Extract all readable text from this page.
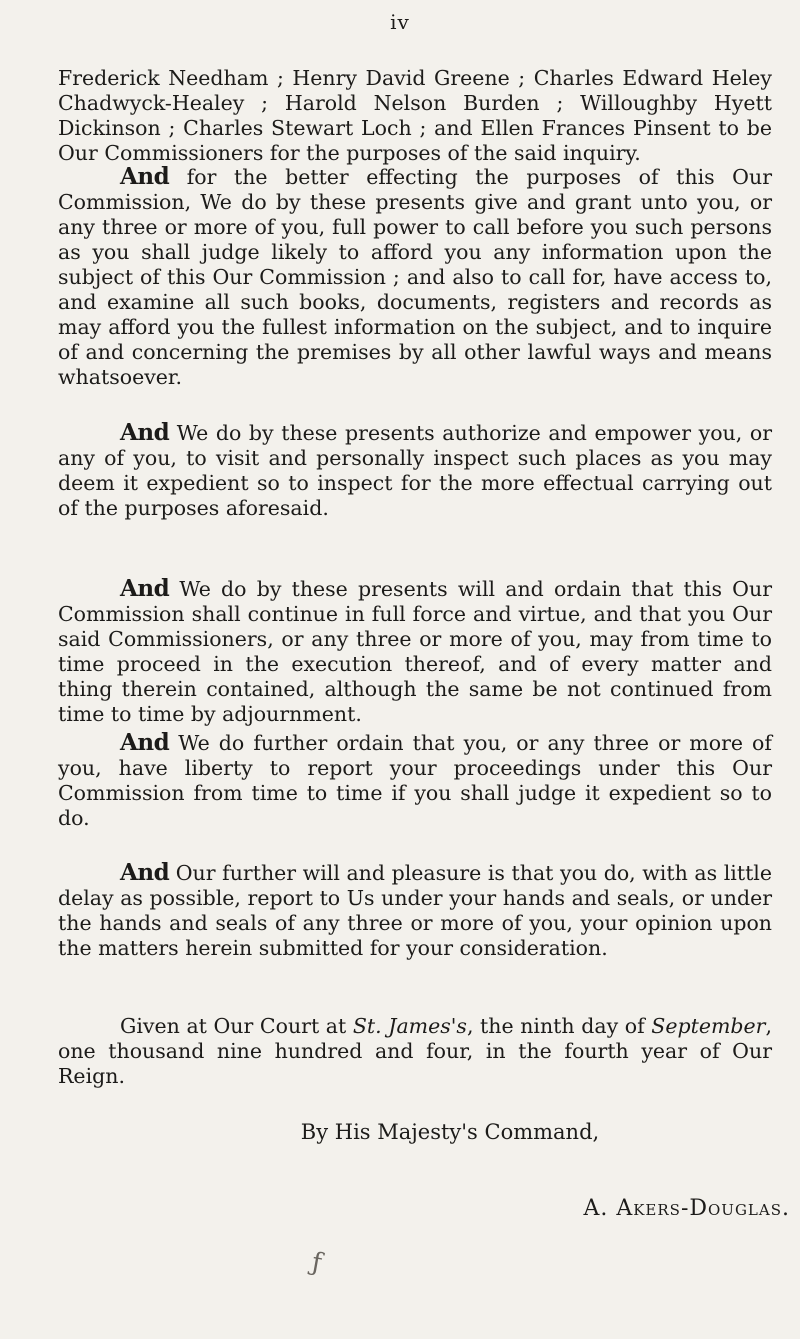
iv
Frederick Needham ; Henry David Greene ; Charles Edward Heley Chadwyck-Healey ; Harold Nelson Burden ; Willoughby Hyett Dickinson ; Charles Stewart Loch ; and Ellen Frances Pinsent to be Our Commissioners for the purposes of the said inquiry.
And for the better effecting the purposes of this Our Commission, We do by these presents give and grant unto you, or any three or more of you, full power to call before you such persons as you shall judge likely to afford you any information upon the subject of this Our Commission ; and also to call for, have access to, and examine all such books, documents, registers and records as may afford you the fullest information on the subject, and to inquire of and concerning the premises by all other lawful ways and means whatsoever.
And We do by these presents authorize and empower you, or any of you, to visit and personally inspect such places as you may deem it expedient so to inspect for the more effectual carrying out of the purposes aforesaid.
And We do by these presents will and ordain that this Our Commission shall continue in full force and virtue, and that you Our said Commissioners, or any three or more of you, may from time to time proceed in the execution thereof, and of every matter and thing therein contained, although the same be not continued from time to time by adjournment.
And We do further ordain that you, or any three or more of you, have liberty to report your proceedings under this Our Commission from time to time if you shall judge it expedient so to do.
And Our further will and pleasure is that you do, with as little delay as possible, report to Us under your hands and seals, or under the hands and seals of any three or more of you, your opinion upon the matters herein submitted for your consideration.
Given at Our Court at St. James's, the ninth day of September, one thousand nine hundred and four, in the fourth year of Our Reign.
By His Majesty's Command,
A. Akers-Douglas.
ƒ
